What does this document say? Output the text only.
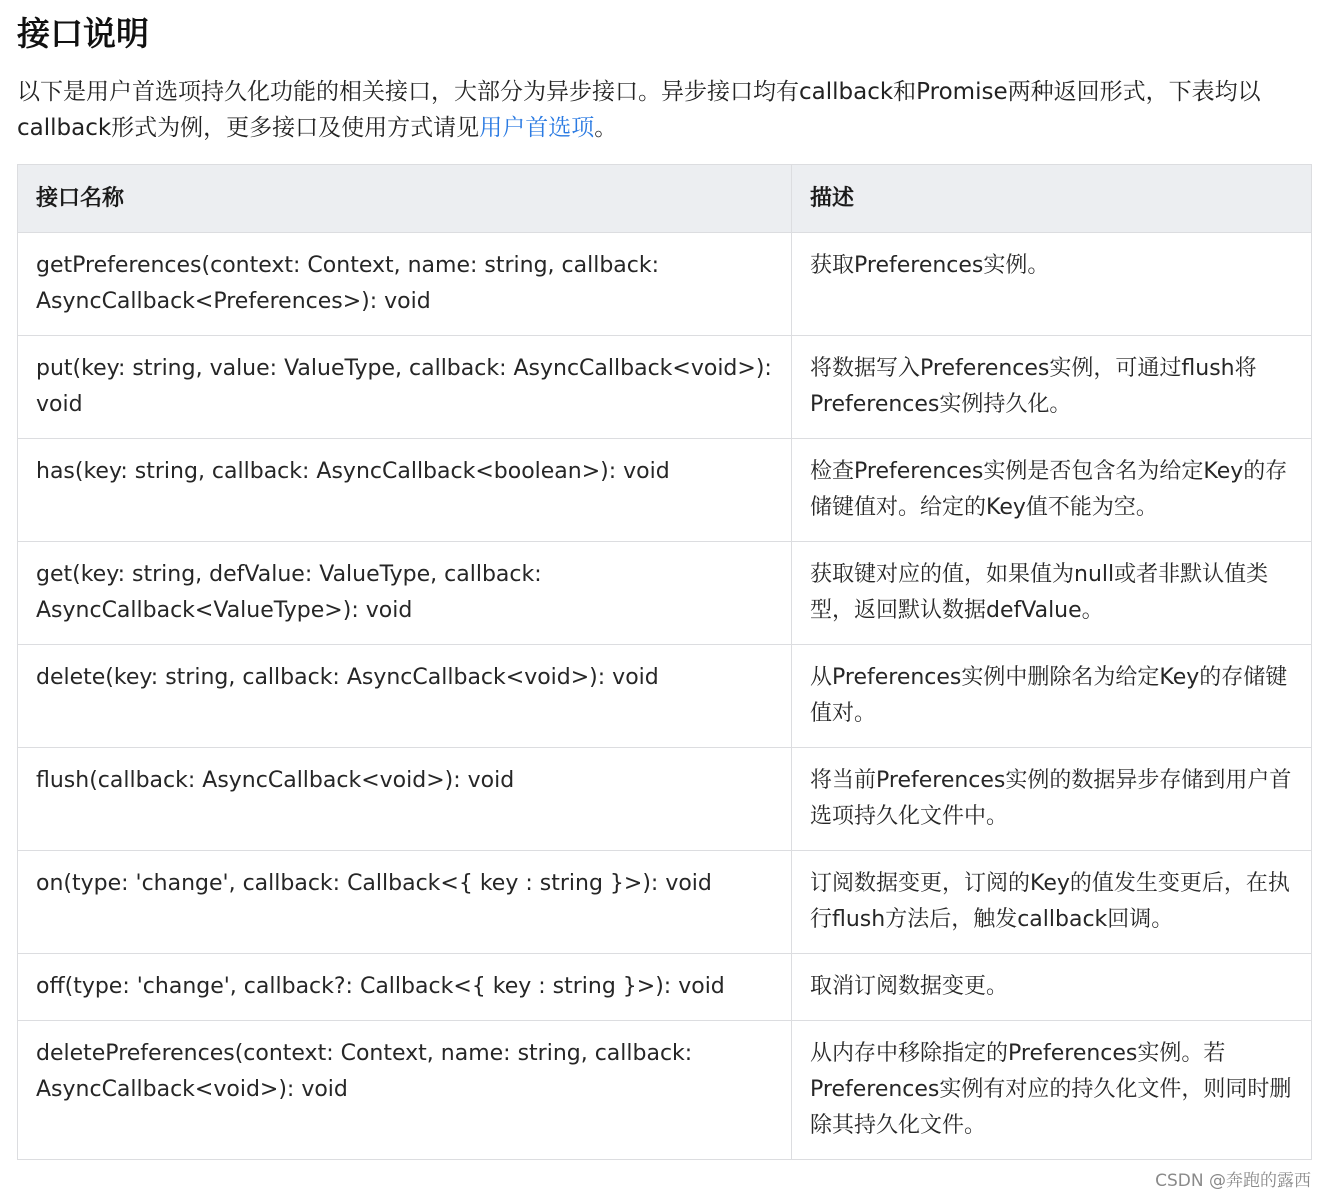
接口说明

以下是用户首选项持久化功能的相关接口，大部分为异步接口。异步接口均有callback和Promise两种返回形式，下表均以callback形式为例，更多接口及使用方式请见用户首选项。

接口名称	描述
getPreferences(context: Context, name: string, callback: AsyncCallback<Preferences>): void	获取Preferences实例。
put(key: string, value: ValueType, callback: AsyncCallback<void>): void	将数据写入Preferences实例，可通过flush将Preferences实例持久化。
has(key: string, callback: AsyncCallback<boolean>): void	检查Preferences实例是否包含名为给定Key的存储键值对。给定的Key值不能为空。
get(key: string, defValue: ValueType, callback: AsyncCallback<ValueType>): void	获取键对应的值，如果值为null或者非默认值类型，返回默认数据defValue。
delete(key: string, callback: AsyncCallback<void>): void	从Preferences实例中删除名为给定Key的存储键值对。
flush(callback: AsyncCallback<void>): void	将当前Preferences实例的数据异步存储到用户首选项持久化文件中。
on(type: 'change', callback: Callback<{ key : string }>): void	订阅数据变更，订阅的Key的值发生变更后，在执行flush方法后，触发callback回调。
off(type: 'change', callback?: Callback<{ key : string }>): void	取消订阅数据变更。
deletePreferences(context: Context, name: string, callback: AsyncCallback<void>): void	从内存中移除指定的Preferences实例。若Preferences实例有对应的持久化文件，则同时删除其持久化文件。
CSDN @奔跑的露西
